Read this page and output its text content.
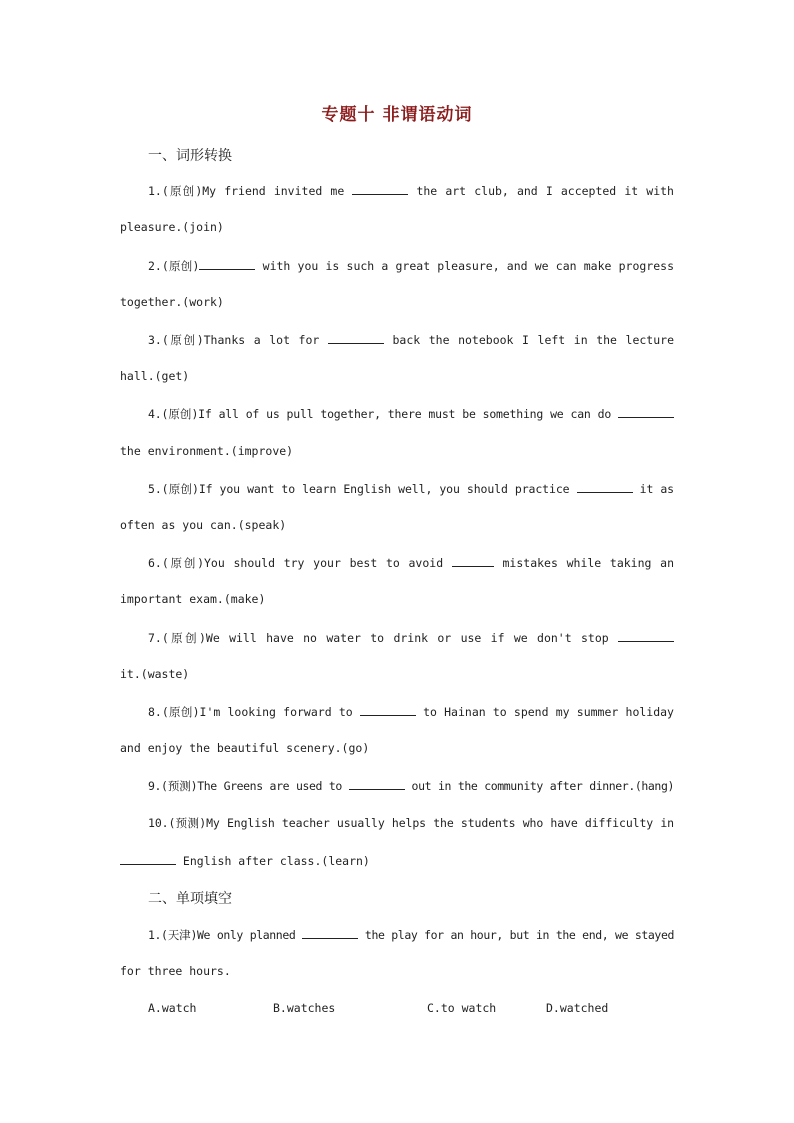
专题十 非谓语动词
一、词形转换
1.(原创)My friend invited me	the art club, and I accepted it with
pleasure.(join)
2.(原创)	with you is such a great pleasure, and we can make progress
together.(work)
3.(原创)Thanks a lot for	back the notebook I left in the lecture
hall.(get)
4.(原创)If all of us pull together, there must be something we can do
the environment.(improve)
5.(原创)If you want to learn English well, you should practice	it as
often as you can.(speak)
6.(原创)You should try your best to avoid	mistakes while taking an
important exam.(make)
7.(原创)We will have no water to drink or use if we don't stop
it.(waste)
8.(原创)I'm looking forward to	to Hainan to spend my summer holiday
and enjoy the beautiful scenery.(go)
9.(预测)The Greens are used to	out in the community after dinner.(hang)
10.(预测)My English teacher usually helps the students who have difficulty in
English after class.(learn)
二、单项填空
1.(天津)We only planned	the play for an hour, but in the end, we stayed
for three hours.
A.watch	B.watches	C.to watch	D.watched
